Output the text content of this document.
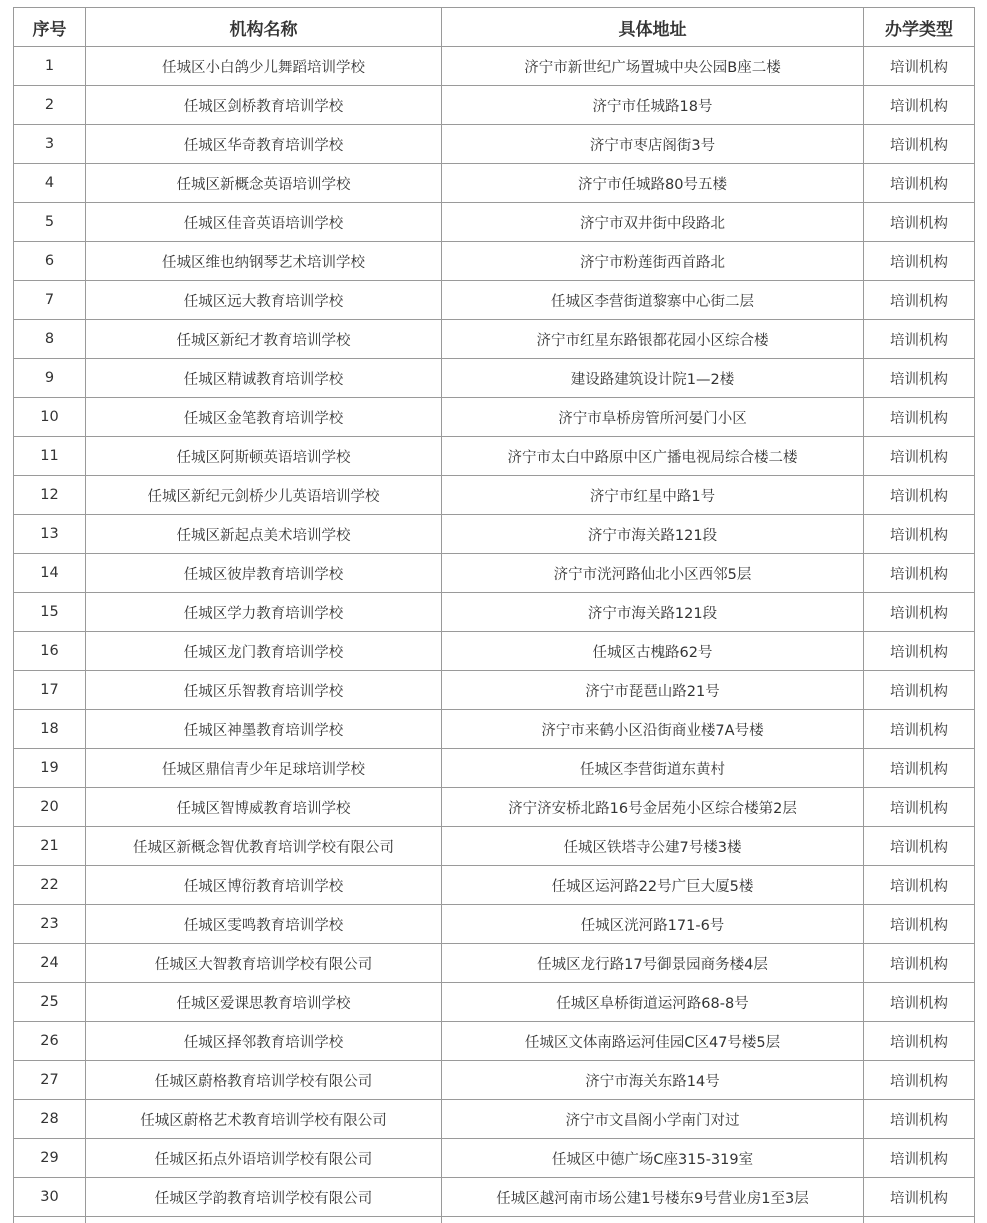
序号	机构名称	具体地址	办学类型
1	任城区小白鸽少儿舞蹈培训学校	济宁市新世纪广场置城中央公园B座二楼	培训机构
2	任城区剑桥教育培训学校	济宁市任城路18号	培训机构
3	任城区华奇教育培训学校	济宁市枣店阁街3号	培训机构
4	任城区新概念英语培训学校	济宁市任城路80号五楼	培训机构
5	任城区佳音英语培训学校	济宁市双井街中段路北	培训机构
6	任城区维也纳钢琴艺术培训学校	济宁市粉莲街西首路北	培训机构
7	任城区远大教育培训学校	任城区李营街道黎寨中心街二层	培训机构
8	任城区新纪才教育培训学校	济宁市红星东路银都花园小区综合楼	培训机构
9	任城区精诚教育培训学校	建设路建筑设计院1—2楼	培训机构
10	任城区金笔教育培训学校	济宁市阜桥房管所河晏门小区	培训机构
11	任城区阿斯顿英语培训学校	济宁市太白中路原中区广播电视局综合楼二楼	培训机构
12	任城区新纪元剑桥少儿英语培训学校	济宁市红星中路1号	培训机构
13	任城区新起点美术培训学校	济宁市海关路121段	培训机构
14	任城区彼岸教育培训学校	济宁市洸河路仙北小区西邻5层	培训机构
15	任城区学力教育培训学校	济宁市海关路121段	培训机构
16	任城区龙门教育培训学校	任城区古槐路62号	培训机构
17	任城区乐智教育培训学校	济宁市琵琶山路21号	培训机构
18	任城区神墨教育培训学校	济宁市来鹤小区沿街商业楼7A号楼	培训机构
19	任城区鼎信青少年足球培训学校	任城区李营街道东黄村	培训机构
20	任城区智博威教育培训学校	济宁济安桥北路16号金居苑小区综合楼第2层	培训机构
21	任城区新概念智优教育培训学校有限公司	任城区铁塔寺公建7号楼3楼	培训机构
22	任城区博衍教育培训学校	任城区运河路22号广巨大厦5楼	培训机构
23	任城区雯鸣教育培训学校	任城区洸河路171-6号	培训机构
24	任城区大智教育培训学校有限公司	任城区龙行路17号御景园商务楼4层	培训机构
25	任城区爱课思教育培训学校	任城区阜桥街道运河路68-8号	培训机构
26	任城区择邻教育培训学校	任城区文体南路运河佳园C区47号楼5层	培训机构
27	任城区蔚格教育培训学校有限公司	济宁市海关东路14号	培训机构
28	任城区蔚格艺术教育培训学校有限公司	济宁市文昌阁小学南门对过	培训机构
29	任城区拓点外语培训学校有限公司	任城区中德广场C座315-319室	培训机构
30	任城区学韵教育培训学校有限公司	任城区越河南市场公建1号楼东9号营业房1至3层	培训机构
